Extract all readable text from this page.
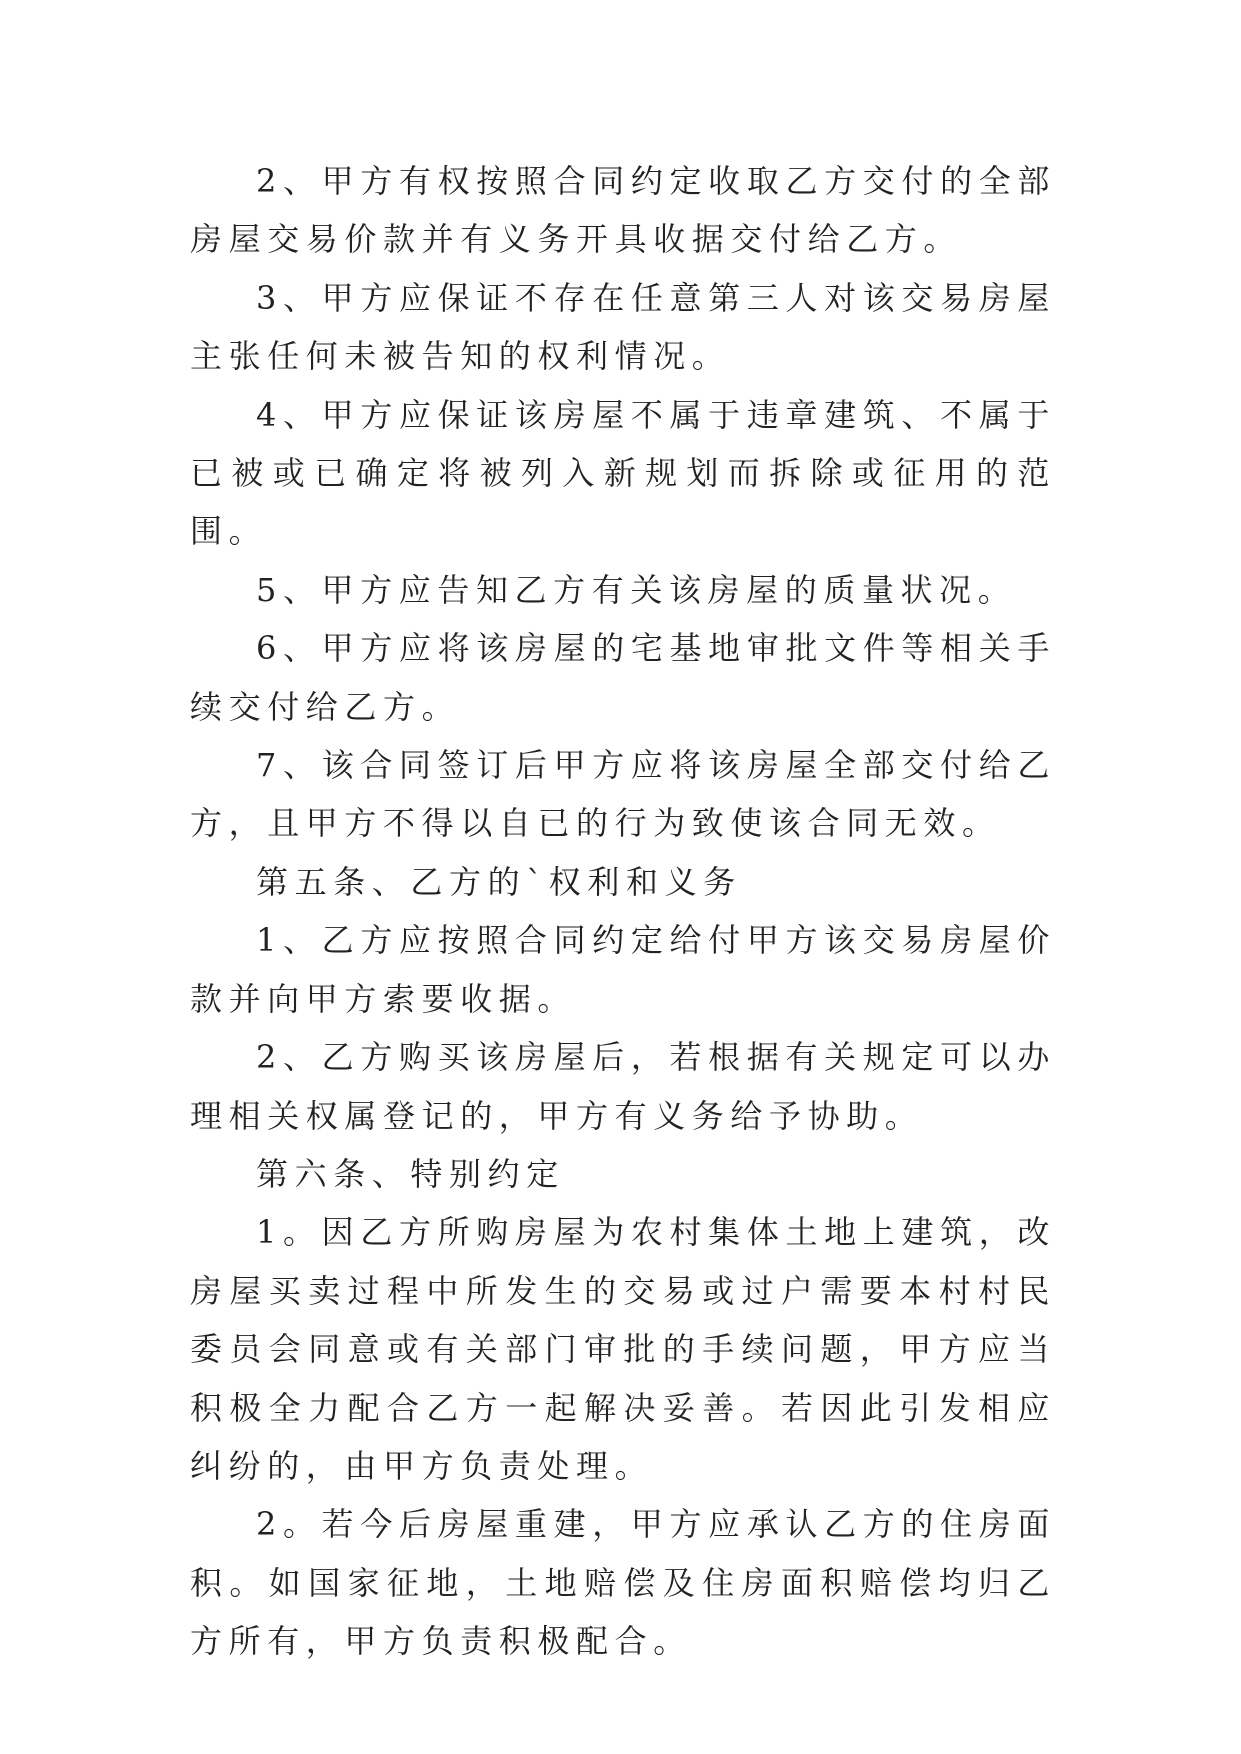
2、甲方有权按照合同约定收取乙方交付的全部房屋交易价款并有义务开具收据交付给乙方。

3、甲方应保证不存在任意第三人对该交易房屋主张任何未被告知的权利情况。

4、甲方应保证该房屋不属于违章建筑、不属于已被或已确定将被列入新规划而拆除或征用的范围。

5、甲方应告知乙方有关该房屋的质量状况。

6、甲方应将该房屋的宅基地审批文件等相关手续交付给乙方。

7、该合同签订后甲方应将该房屋全部交付给乙方，且甲方不得以自已的行为致使该合同无效。

第五条、乙方的`权利和义务

1、乙方应按照合同约定给付甲方该交易房屋价款并向甲方索要收据。

2、乙方购买该房屋后，若根据有关规定可以办理相关权属登记的，甲方有义务给予协助。

第六条、特别约定

1。因乙方所购房屋为农村集体土地上建筑，改房屋买卖过程中所发生的交易或过户需要本村村民委员会同意或有关部门审批的手续问题，甲方应当积极全力配合乙方一起解决妥善。若因此引发相应纠纷的，由甲方负责处理。

2。若今后房屋重建，甲方应承认乙方的住房面积。如国家征地，土地赔偿及住房面积赔偿均归乙方所有，甲方负责积极配合。
